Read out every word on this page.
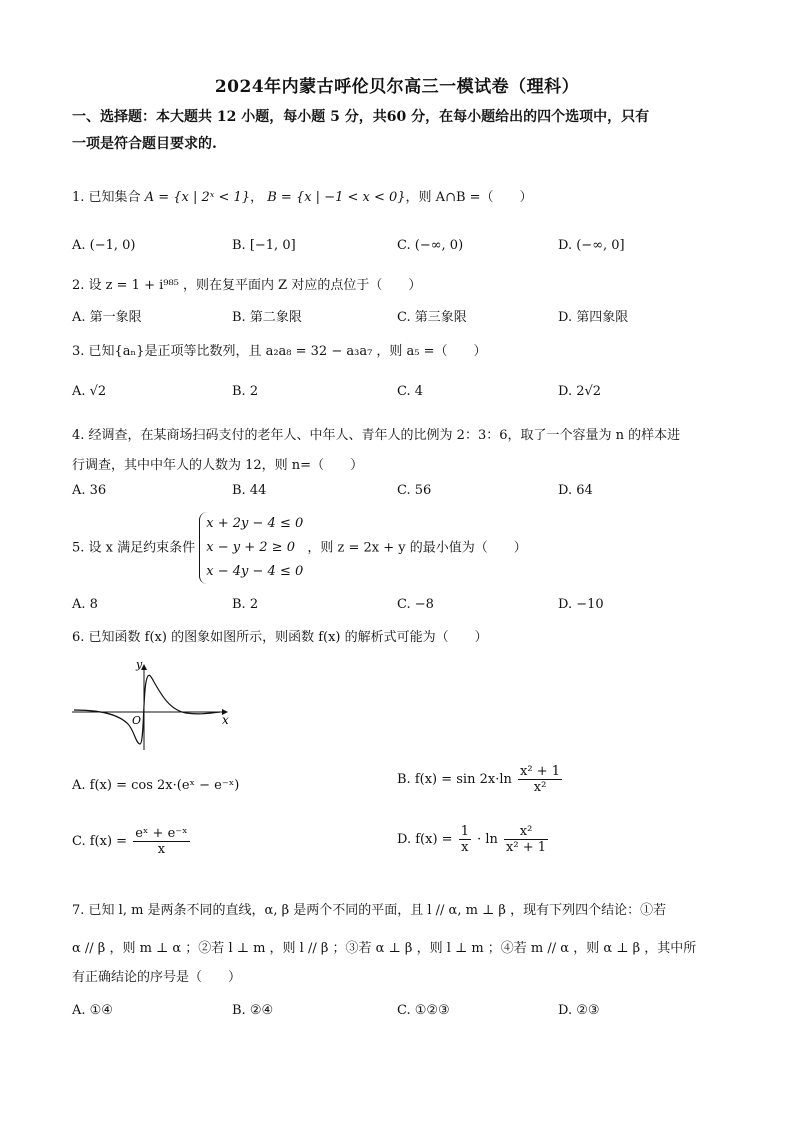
2024年内蒙古呼伦贝尔高三一模试卷（理科）
一、选择题：本大题共 12 小题，每小题 5 分，共60 分，在每小题给出的四个选项中，只有
一项是符合题目要求的.
1. 已知集合 A = {x | 2ˣ < 1}， B = {x | −1 < x < 0}，则 A∩B =（　　）
A. (−1, 0)	B. [−1, 0]	C. (−∞, 0)	D. (−∞, 0]
2. 设 z = 1 + i⁹⁸⁵ ，则在复平面内 Z 对应的点位于（　　）
A. 第一象限	B. 第二象限	C. 第三象限	D. 第四象限
3. 已知{aₙ}是正项等比数列，且 a₂a₈ = 32 − a₃a₇ ，则 a₅ =（　　）
A. √2	B. 2	C. 4	D. 2√2
4. 经调查，在某商场扫码支付的老年人、中年人、青年人的比例为 2：3：6，取了一个容量为 n 的样本进
行调查，其中中年人的人数为 12，则 n=（　　）
A. 36	B. 44	C. 56	D. 64
5. 设 x 满足约束条件
x + 2y − 4 ≤ 0
x − y + 2 ≥ 0
x − 4y − 4 ≤ 0
，则 z = 2x + y 的最小值为（　　）
A. 8	B. 2	C. −8	D. −10
6. 已知函数 f(x) 的图象如图所示，则函数 f(x) 的解析式可能为（　　）
y
x
O
A. f(x) = cos 2x·(eˣ − e⁻ˣ)	B. $f(x) = \sin 2x\cdot\ln \frac{\text{x² + 1}}{\text{x²}}$
C. $f(x) = \frac{\text{eˣ + e⁻ˣ}}{x}$	D. $f(x) = \frac{1}{x} \cdot \ln \frac{\text{x²}}{\text{x² + 1}}$
7. 已知 l, m 是两条不同的直线，α, β 是两个不同的平面，且 l // α, m ⊥ β ，现有下列四个结论：①若
α // β ，则 m ⊥ α ；②若 l ⊥ m ，则 l // β ；③若 α ⊥ β ，则 l ⊥ m ；④若 m // α ，则 α ⊥ β ，其中所
有正确结论的序号是（　　）
A. ①④	B. ②④	C. ①②③	D. ②③
